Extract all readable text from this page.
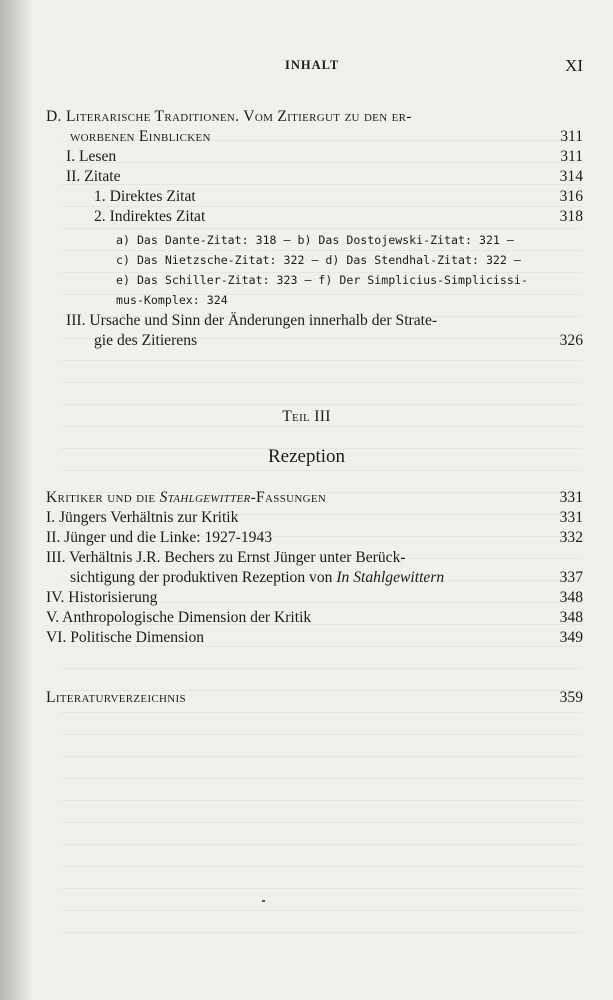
INHALT	XI
D. Literarische Traditionen. Vom Zitiergut zu den er-
worbenen Einblicken	311
I. Lesen	311
II. Zitate	314
1. Direktes Zitat	316
2. Indirektes Zitat	318
a) Das Dante-Zitat: 318 – b) Das Dostojewski-Zitat: 321 –
c) Das Nietzsche-Zitat: 322 – d) Das Stendhal-Zitat: 322 –
e) Das Schiller-Zitat: 323 – f) Der Simplicius-Simplicissi-
mus-Komplex: 324
III. Ursache und Sinn der Änderungen innerhalb der Strate-
gie des Zitierens	326
Teil III
Rezeption
Kritiker und die Stahlgewitter-Fassungen	331
I. Jüngers Verhältnis zur Kritik	331
II. Jünger und die Linke: 1927-1943	332
III. Verhältnis J.R. Bechers zu Ernst Jünger unter Berück-
sichtigung der produktiven Rezeption von In Stahlgewittern	337
IV. Historisierung	348
V. Anthropologische Dimension der Kritik	348
VI. Politische Dimension	349
Literaturverzeichnis	359
